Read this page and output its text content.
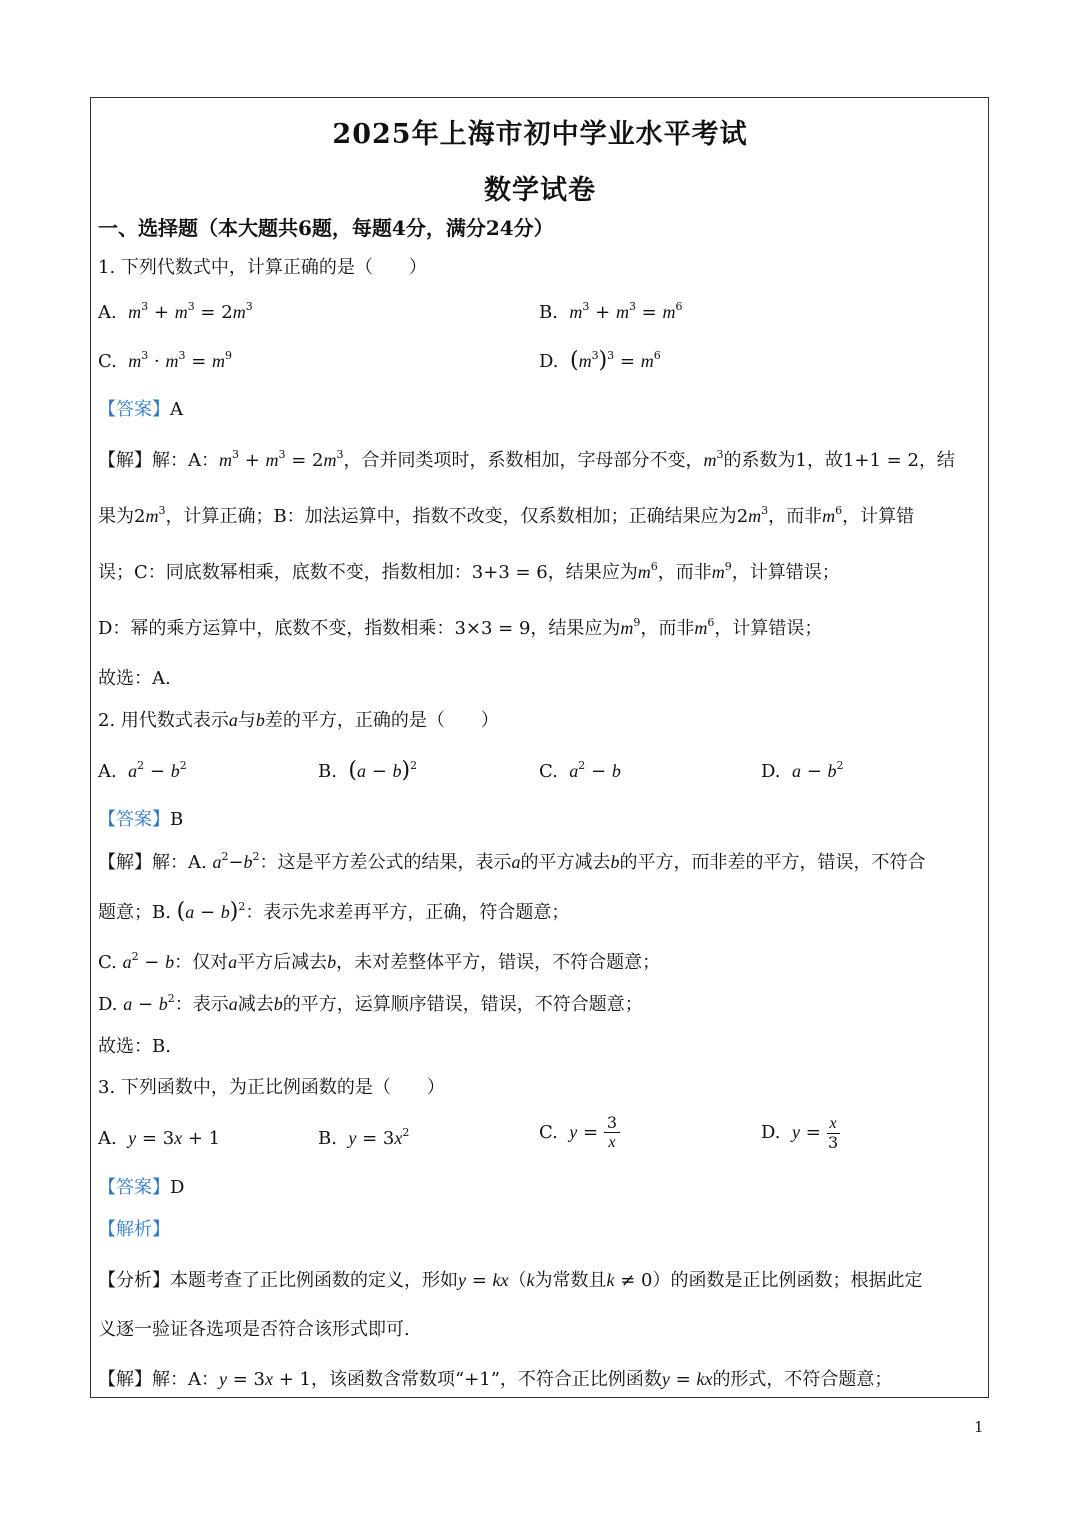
2025年上海市初中学业水平考试
数学试卷
一、选择题（本大题共6题，每题4分，满分24分）
1. 下列代数式中，计算正确的是（　　）
A.  $m^3 + m^3 = 2m^3$	B.  $m^3 + m^3 = m^6$
C.  $m^3 \cdot m^3 = m^9$	D.  $(m^3)^3 = m^6$
【答案】A
【解】解：A：$m^3 + m^3 = 2m^3$，合并同类项时，系数相加，字母部分不变，$m^3$的系数为1，故1+1 = 2，结
果为$2m^3$，计算正确；B：加法运算中，指数不改变，仅系数相加；正确结果应为$2m^3$，而非$m^6$，计算错
误；C：同底数幂相乘，底数不变，指数相加：3+3 = 6，结果应为$m^6$，而非$m^9$，计算错误；
D：幂的乘方运算中，底数不变，指数相乘：3×3 = 9，结果应为$m^9$，而非$m^6$，计算错误；
故选：A.
2. 用代数式表示a与b差的平方，正确的是（　　）
A.  $a^2 - b^2$	B.  $(a - b)^2$	C.  $a^2 - b$	D.  $a - b^2$
【答案】B
【解】解：A. $a^2-b^2$：这是平方差公式的结果，表示a的平方减去b的平方，而非差的平方，错误，不符合
题意；B. $(a - b)^2$：表示先求差再平方，正确，符合题意；
C. $a^2 - b$：仅对a平方后减去b，未对差整体平方，错误，不符合题意；
D. $a - b^2$：表示a减去b的平方，运算顺序错误，错误，不符合题意；
故选：B.
3. 下列函数中，为正比例函数的是（　　）
A.  y = 3x + 1	B.  $y = 3x^2$	C.  $y = \frac{3}{x}$	D.  $y = \frac{x}{3}$
【答案】D
【解析】
【分析】本题考查了正比例函数的定义，形如y = kx（k为常数且k ≠ 0）的函数是正比例函数；根据此定
义逐一验证各选项是否符合该形式即可.
【解】解：A：y = 3x + 1，该函数含常数项“+1”，不符合正比例函数y = kx的形式，不符合题意；
1
